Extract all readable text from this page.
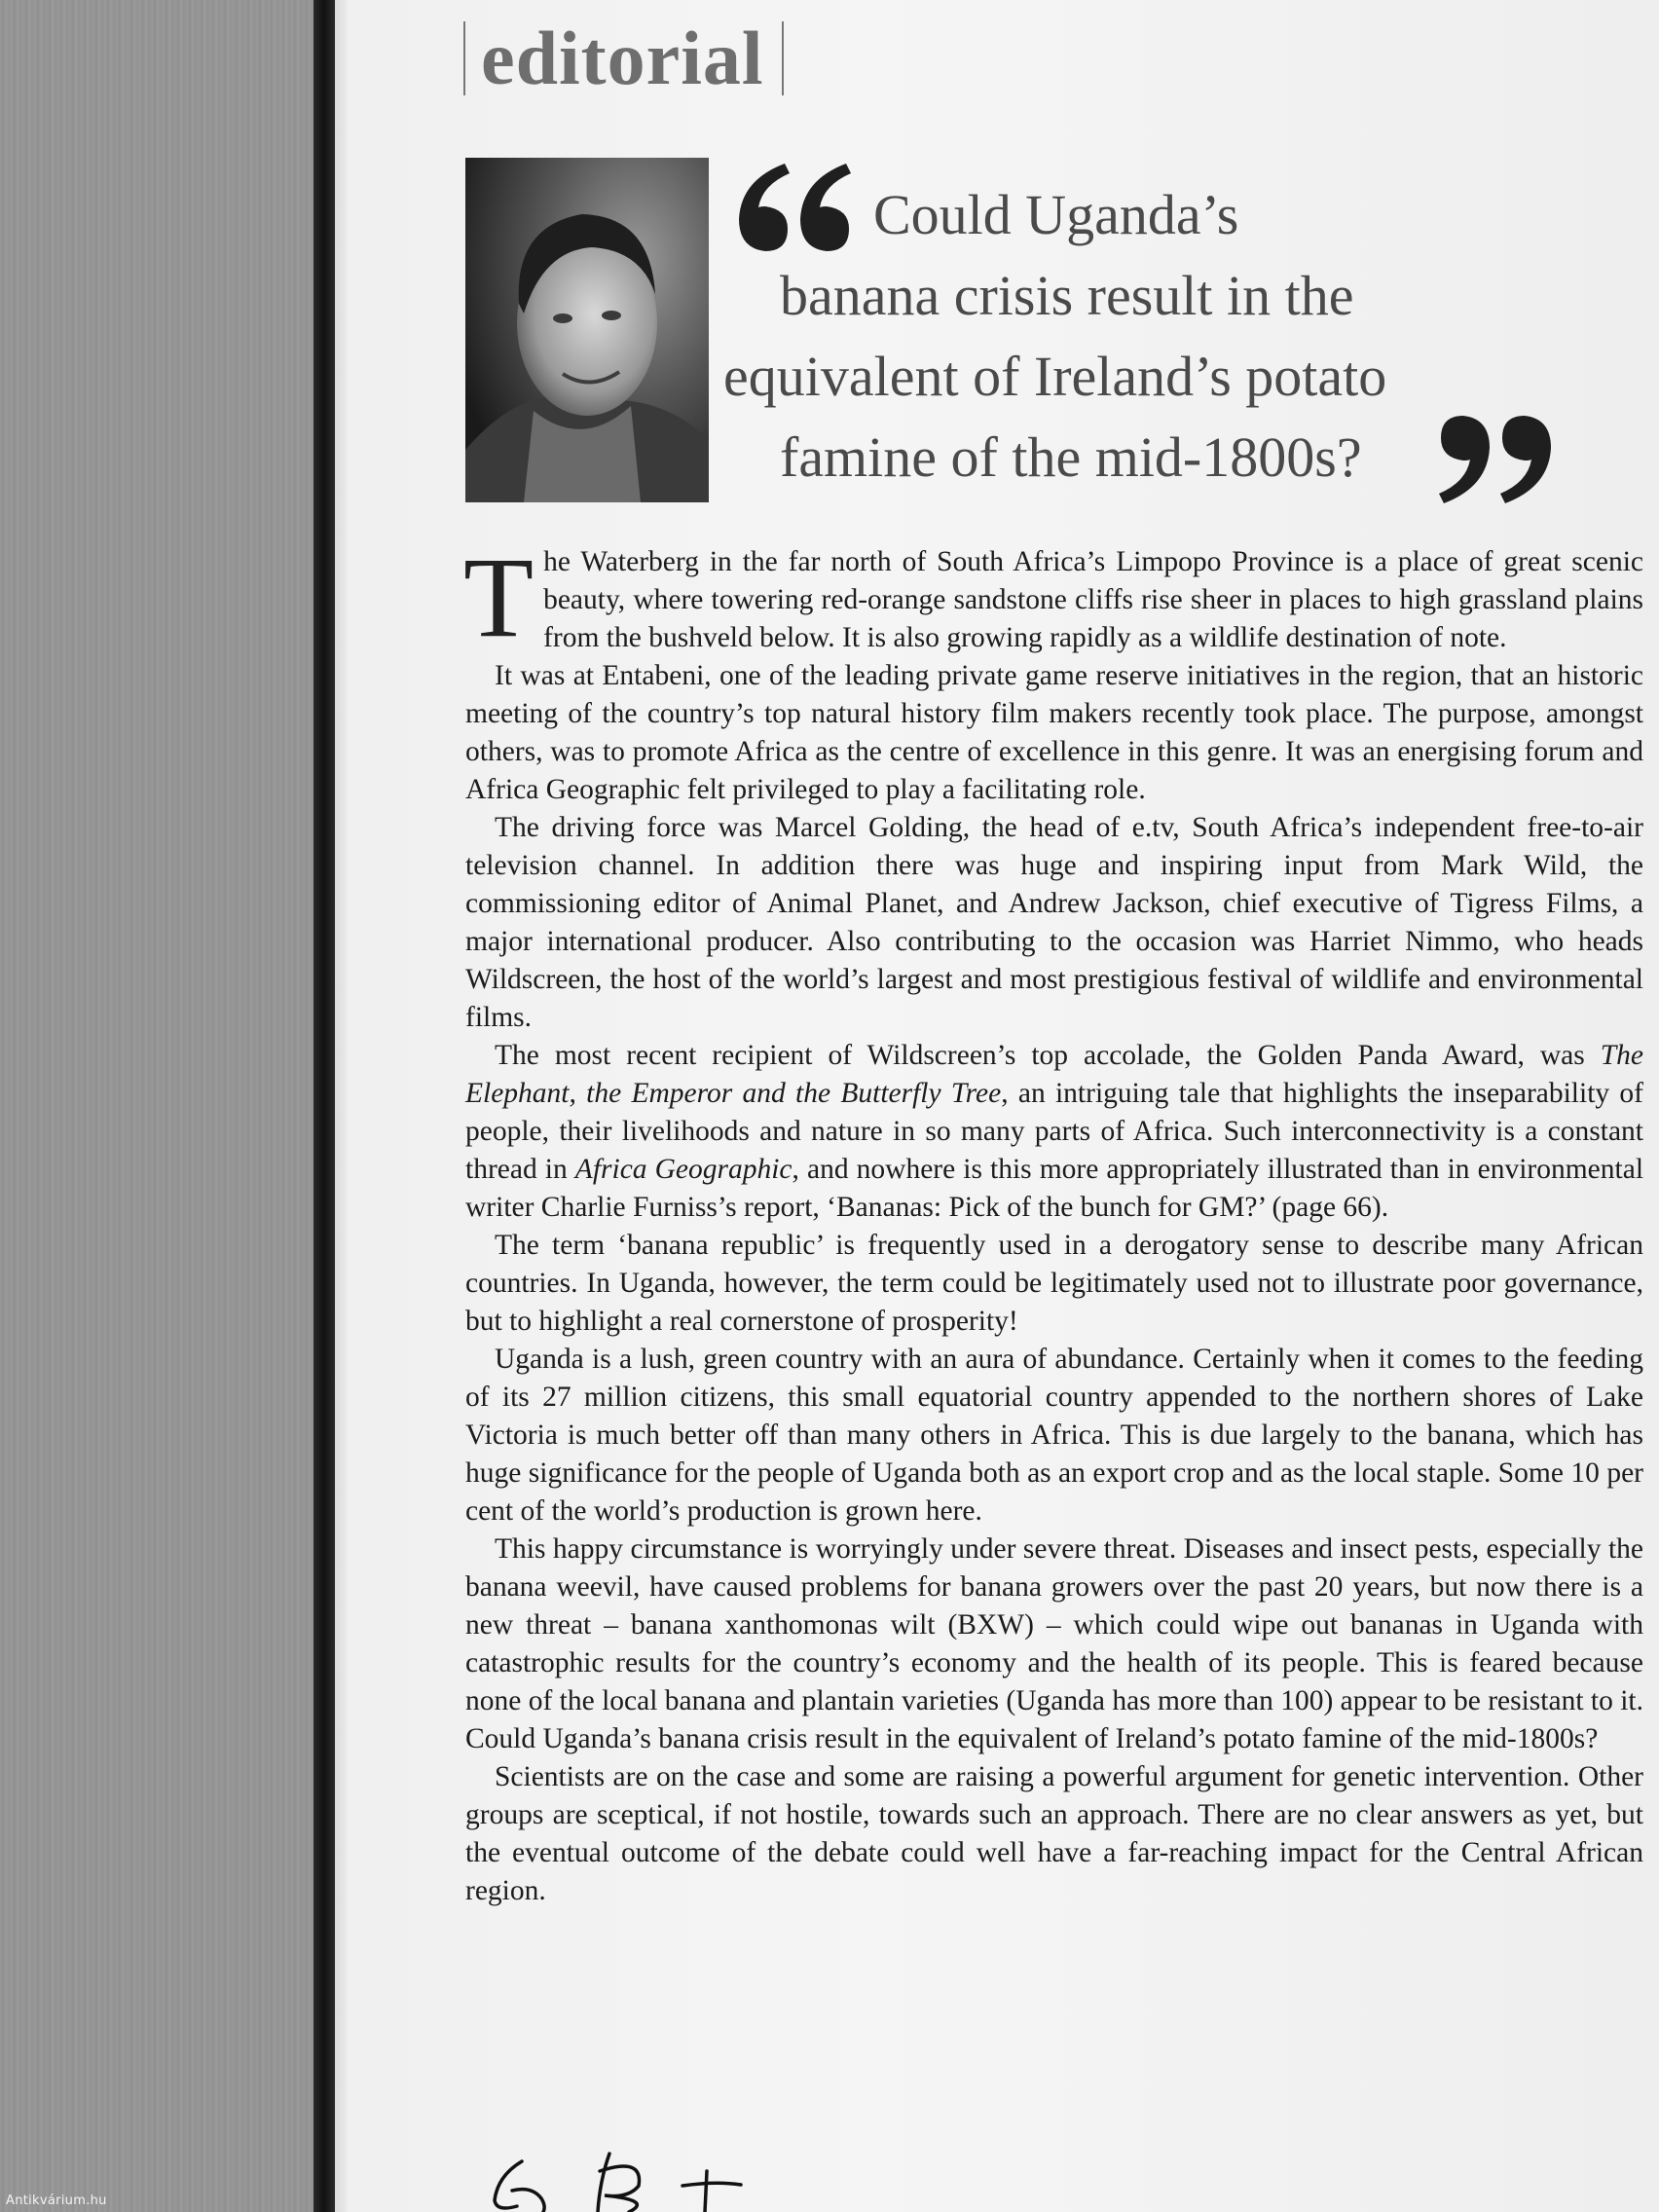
editorial
Could Uganda’s
banana crisis result in the
equivalent of Ireland’s potato
famine of the mid-1800s?

The Waterberg in the far north of South Africa’s Limpopo Province is a place of great scenic beauty, where towering red-orange sandstone cliffs rise sheer in places to high grassland plains from the bushveld below. It is also growing rapidly as a wildlife destination of note.

It was at Entabeni, one of the leading private game reserve initiatives in the region, that an historic meeting of the country’s top natural history film makers recently took place. The purpose, amongst others, was to promote Africa as the centre of excellence in this genre. It was an energising forum and Africa Geographic felt privileged to play a facilitating role.

The driving force was Marcel Golding, the head of e.tv, South Africa’s independent free-to-air television channel. In addition there was huge and inspiring input from Mark Wild, the commissioning editor of Animal Planet, and Andrew Jackson, chief executive of Tigress Films, a major international producer. Also contributing to the occasion was Harriet Nimmo, who heads Wildscreen, the host of the world’s largest and most prestigious festival of wildlife and environmental films.

The most recent recipient of Wildscreen’s top accolade, the Golden Panda Award, was The Elephant, the Emperor and the Butterfly Tree, an intriguing tale that highlights the inseparability of people, their livelihoods and nature in so many parts of Africa. Such interconnectivity is a constant thread in Africa Geographic, and nowhere is this more appropriately illustrated than in environmental writer Charlie Furniss’s report, ‘Bananas: Pick of the bunch for GM?’ (page 66).

The term ‘banana republic’ is frequently used in a derogatory sense to describe many African countries. In Uganda, however, the term could be legitimately used not to illustrate poor governance, but to highlight a real cornerstone of prosperity!

Uganda is a lush, green country with an aura of abundance. Certainly when it comes to the feeding of its 27 million citizens, this small equatorial country appended to the northern shores of Lake Victoria is much better off than many others in Africa. This is due largely to the banana, which has huge significance for the people of Uganda both as an export crop and as the local staple. Some 10 per cent of the world’s production is grown here.

This happy circumstance is worryingly under severe threat. Diseases and insect pests, especially the banana weevil, have caused problems for banana growers over the past 20 years, but now there is a new threat – banana xanthomonas wilt (BXW) – which could wipe out bananas in Uganda with catastrophic results for the country’s economy and the health of its people. This is feared because none of the local banana and plantain varieties (Uganda has more than 100) appear to be resistant to it. Could Uganda’s banana crisis result in the equivalent of Ireland’s potato famine of the mid-1800s?

Scientists are on the case and some are raising a powerful argument for genetic intervention. Other groups are sceptical, if not hostile, towards such an approach. There are no clear answers as yet, but the eventual outcome of the debate could well have a far-reaching impact for the Central African region.

Antikvárium.hu
